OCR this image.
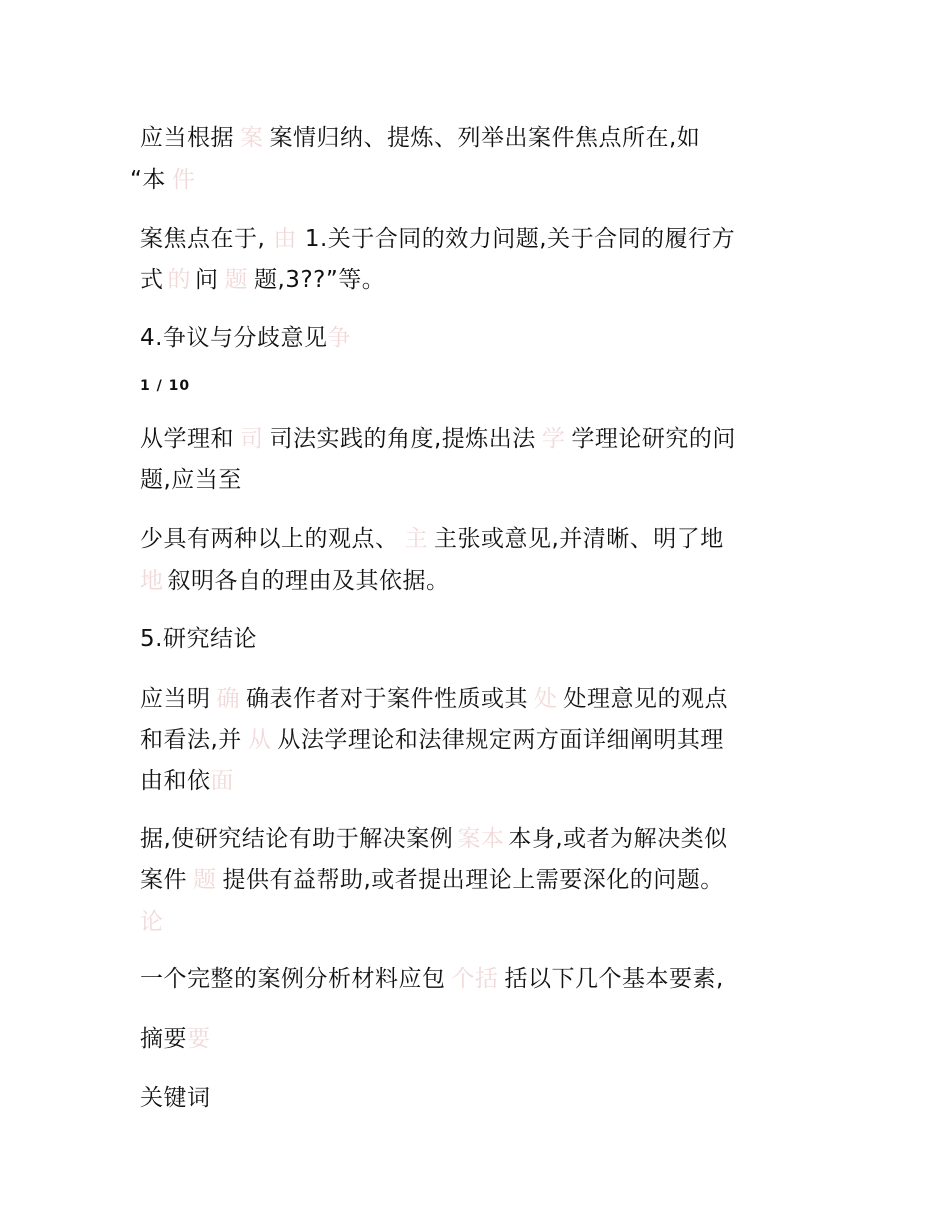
应当根据 案 案情归纳、提炼、列举出案件焦点所在,如
“本 件
案焦点在于, 由 1.关于合同的效力问题,关于合同的履行方
式 的 问 题 题,3??”等。
4.争议与分歧意见争
1 / 10
从学理和 司 司法实践的角度,提炼出法 学 学理论研究的问
题,应当至
少具有两种以上的观点、 主 主张或意见,并清晰、明了地
地 叙明各自的理由及其依据。
5.研究结论
应当明 确 确表作者对于案件性质或其 处 处理意见的观点
和看法,并 从 从法学理论和法律规定两方面详细阐明其理
由和依面
据,使研究结论有助于解决案例 案本 本身,或者为解决类似
案件 题 提供有益帮助,或者提出理论上需要深化的问题。
论
一个完整的案例分析材料应包 个括 括以下几个基本要素,
摘要要
关键词
